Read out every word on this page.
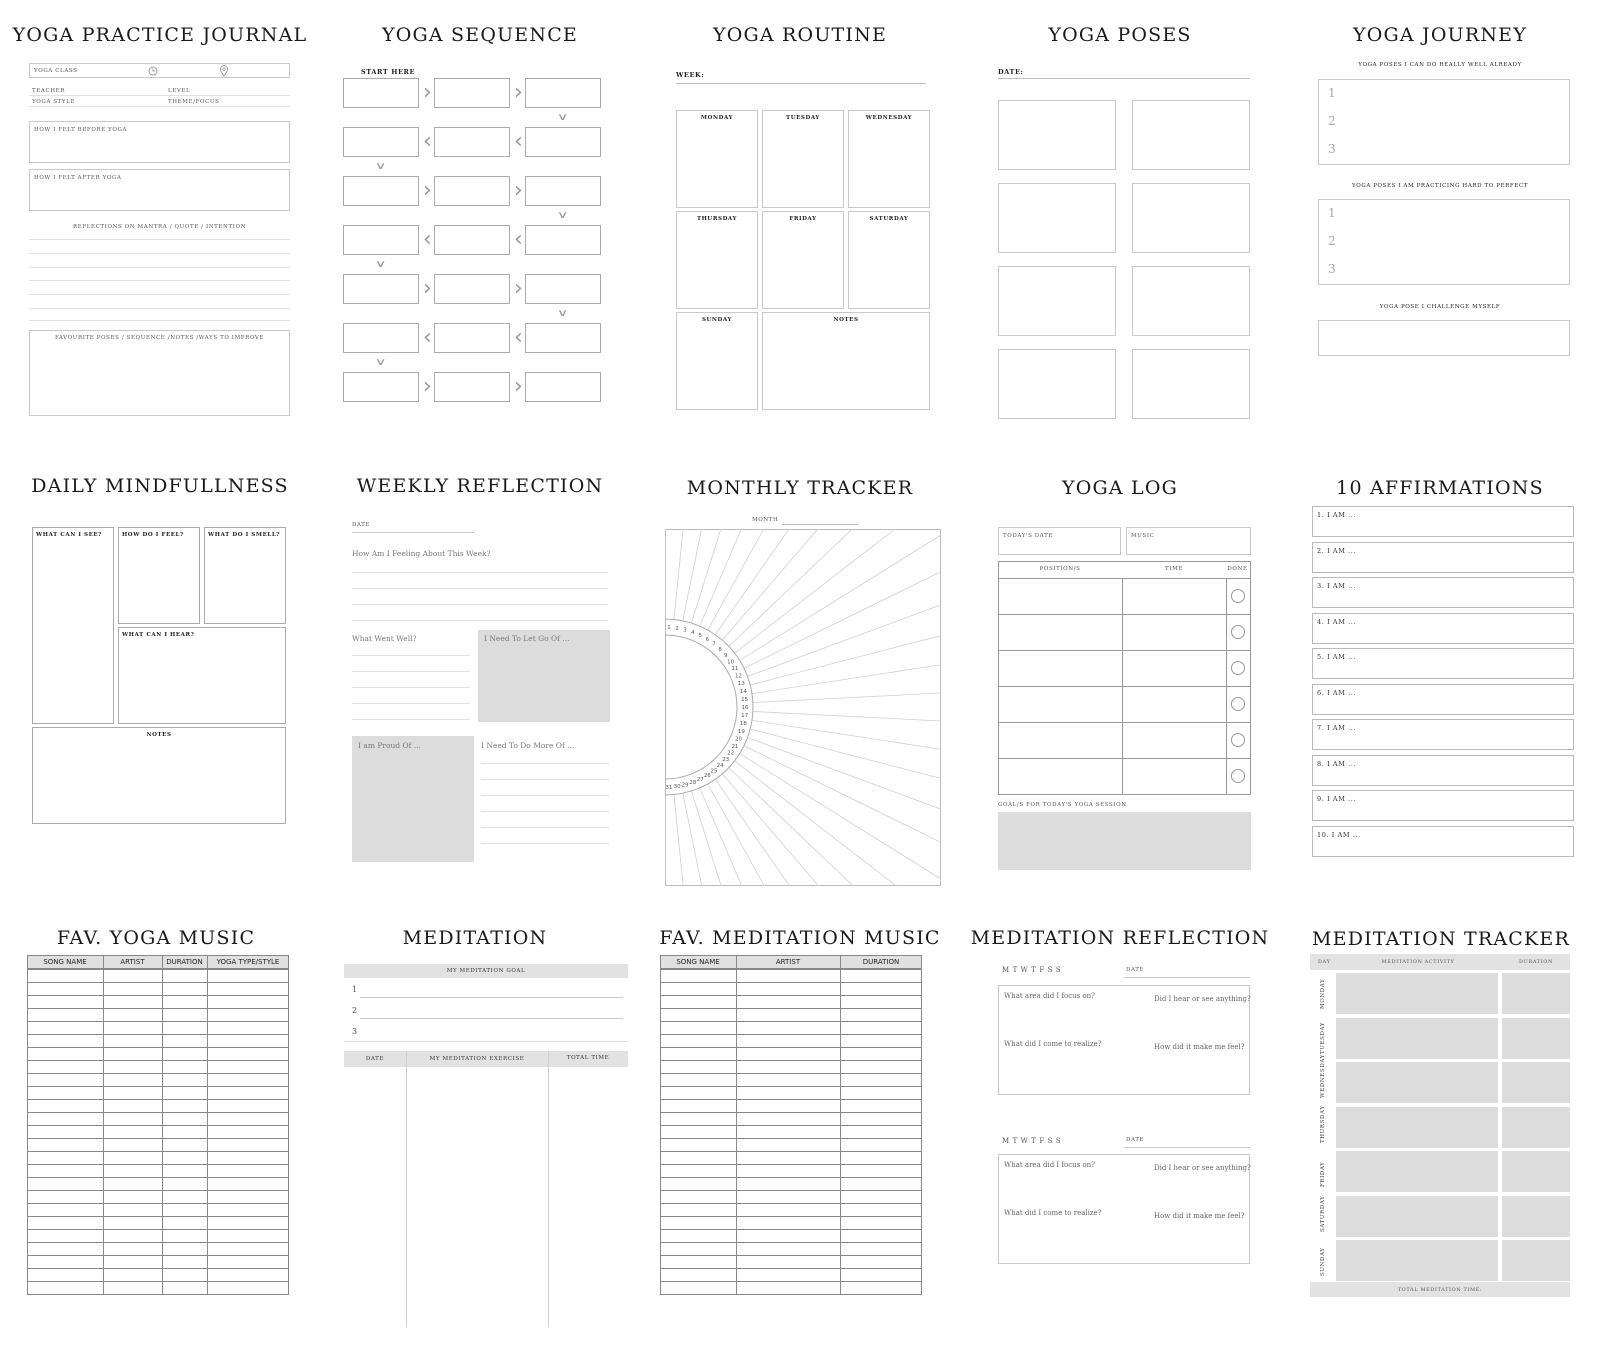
YOGA PRACTICE JOURNAL
YOGA CLASS
TEACHER	LEVEL
YOGA STYLE	THEME/FOCUS
HOW I FELT BEFORE YOGA
HOW I FELT AFTER YOGA
REFLECTIONS ON MANTRA / QUOTE / INTENTION
FAVOURITE POSES / SEQUENCE /NOTES /WAYS TO IMPROVE
YOGA SEQUENCE
START HERE
›	›
∨
‹	‹
∨
›	›
∨
‹	‹
∨
›	›
∨
‹	‹
∨
›	›
YOGA ROUTINE
WEEK:
MONDAY	TUESDAY	WEDNESDAY
THURSDAY	FRIDAY	SATURDAY
SUNDAY	NOTES
YOGA POSES
DATE:
YOGA JOURNEY
YOGA POSES I CAN DO REALLY WELL ALREADY
1
2
3
YOGA POSES I AM PRACTICING HARD TO PERFECT
1
2
3
YOGA POSE I CHALLENGE MYSELF
DAILY MINDFULLNESS
WHAT CAN I SEE?	HOW DO I FEEL?	WHAT DO I SMELL?
WHAT CAN I HEAR?
NOTES
WEEKLY REFLECTION
DATE
How Am I Feeling About This Week?
What Went Well?	I Need To Let Go Of ...
I am Proud Of ...	I Need To Do More Of ...
MONTHLY TRACKER
MONTH
1 2 3 4
5
6
7
8
9
10
11
12
13
14
15
16
17
18
19
20
21
22
23
24
25
26
27
28
29
30
31
YOGA LOG
TODAY'S DATE	MUSIC
POSITION/S	TIME	DONE
GOAL/S FOR TODAY'S YOGA SESSION
10 AFFIRMATIONS
1. I AM ...
2. I AM ...
3. I AM ...
4. I AM ...
5. I AM ...
6. I AM ...
7. I AM ...
8. I AM ...
9. I AM ...
10. I AM ...
FAV. YOGA MUSIC
SONG NAME	ARTIST	DURATION	YOGA TYPE/STYLE
MEDITATION
MY MEDITATION GOAL
1
2
3
DATE	MY MEDITATION EXERCISE	TOTAL TIME
FAV. MEDITATION MUSIC
SONG NAME	ARTIST	DURATION
MEDITATION REFLECTION
M T W T F S S	DATE
What area did I focus on?	Did I hear or see anything?
What did I come to realize?	How did it make me feel?
M T W T F S S	DATE
What area did I focus on?	Did I hear or see anything?
What did I come to realize?	How did it make me feel?
MEDITATION TRACKER
DAY	MEDITATION ACTIVITY	DURATION
MONDAY
TUESDAY
WEDNESDAY
THURSDAY
FRIDAY
SATURDAY
SUNDAY
TOTAL MEDITATION TIME:
